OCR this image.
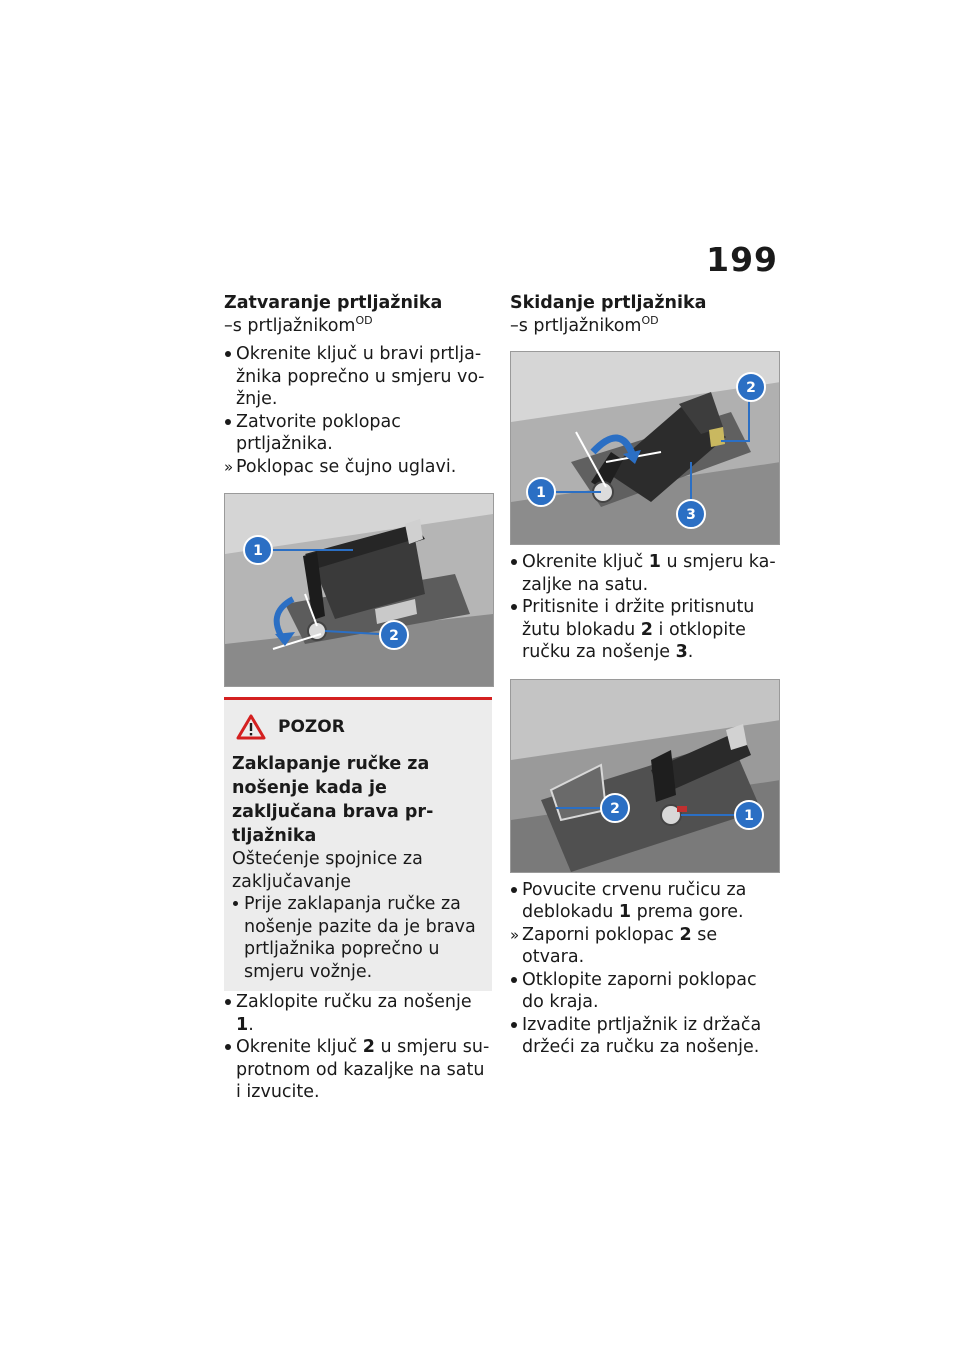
199
Zatvaranje prtljažnika
–s prtljažnikom$^{OD}$
Okrenite ključ u bravi prtljažnika poprečno u smjeru vožnje.
Zatvorite poklopac prtljažnika.
» Poklopac se čujno uglavi.
1
2
POZOR
Zaklapanje ručke za nošenje kada je zaključana brava prtljažnika
Oštećenje spojnice za zaključavanje
Prije zaklapanja ručke za nošenje pazite da je brava prtljažnika poprečno u smjeru vožnje.
Zaklopite ručku za nošenje 1.
Okrenite ključ 2 u smjeru suprotnom od kazaljke na satu i izvucite.
Skidanje prtljažnika
–s prtljažnikom$^{OD}$
1
2
3
Okrenite ključ 1 u smjeru kazaljke na satu.
Pritisnite i držite pritisnutu žutu blokadu 2 i otklopite ručku za nošenje 3.
2	1
Povucite crvenu ručicu za deblokadu 1 prema gore.
» Zaporni poklopac 2 se otvara.
Otklopite zaporni poklopac do kraja.
Izvadite prtljažnik iz držača držeći za ručku za nošenje.
